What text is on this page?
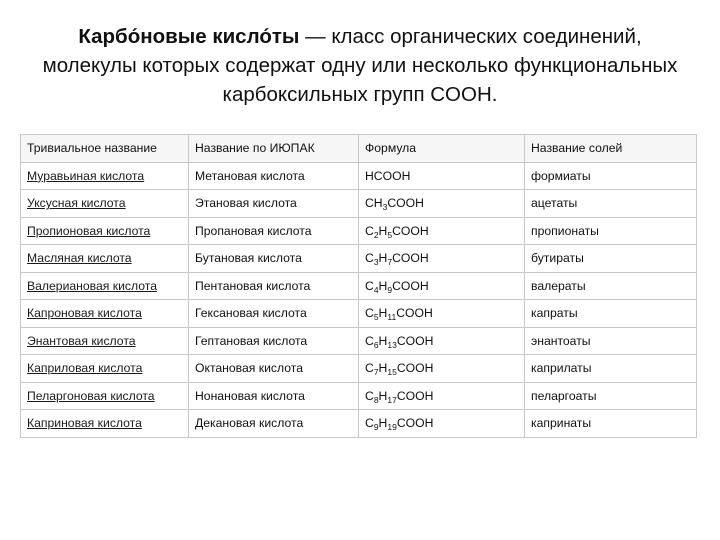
Карбо́новые кисло́ты — класс органических соединений, молекулы которых содержат одну или несколько функциональных карбоксильных групп COOH.
Тривиальное название	Название по ИЮПАК	Формула	Название солей
Муравьиная кислота	Метановая кислота	HCOOH	формиаты
Уксусная кислота	Этановая кислота	$CH_3COOH$	ацетаты
Пропионовая кислота	Пропановая кислота	$C_2H_5COOH$	пропионаты
Масляная кислота	Бутановая кислота	$C_3H_7COOH$	бутираты
Валериановая кислота	Пентановая кислота	$C_4H_9COOH$	валераты
Капроновая кислота	Гексановая кислота	$C_5H_{11}COOH$	капраты
Энантовая кислота	Гептановая кислота	$C_6H_{13}COOH$	энантоаты
Каприловая кислота	Октановая кислота	$C_7H_{15}COOH$	каприлаты
Пеларгоновая кислота	Нонановая кислота	$C_8H_{17}COOH$	пеларгоаты
Каприновая кислота	Декановая кислота	$C_9H_{19}COOH$	капринаты
